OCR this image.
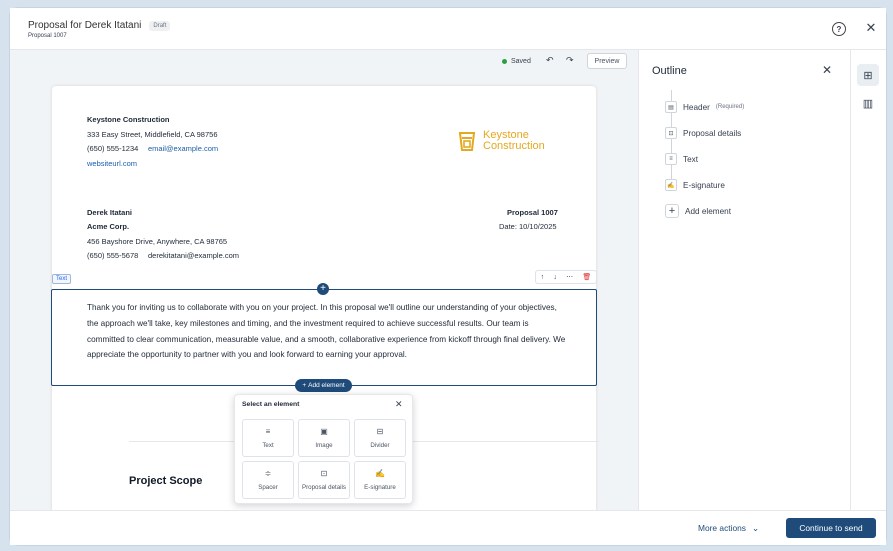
Proposal for Derek Itatani	Draft
Proposal 1007
?	✕
Saved ↶ ↷	Preview
Keystone Construction
333 Easy Street, Middlefield, CA 98756
(650) 555-1234 email@example.com
websiteurl.com
Keystone
Construction
Derek Itatani
Acme Corp.
456 Bayshore Drive, Anywhere, CA 98765
(650) 555-5678 derekitatani@example.com
Proposal 1007
Date: 10/10/2025
Project Scope
Text	↑ ↓ ⋯ 🗑
Thank you for inviting us to collaborate with you on your project. In this proposal we'll outline our understanding of your objectives, the approach we'll take, key milestones and timing, and the investment required to achieve successful results. Our team is committed to clear communication, measurable value, and a smooth, collaborative experience from kickoff through final delivery. We appreciate the opportunity to partner with you and look forward to earning your approval.
+
+ Add element
Select an element	✕
≡
Text
▣
Image
⊟
Divider
≑
Spacer
⊡
Proposal details
✍
E-signature
Outline	✕
▤	Header (Required)
⊡	Proposal details
≡	Text
✍ E-signature
+	Add element
⊞
▥
More actions ⌄	Continue to send
